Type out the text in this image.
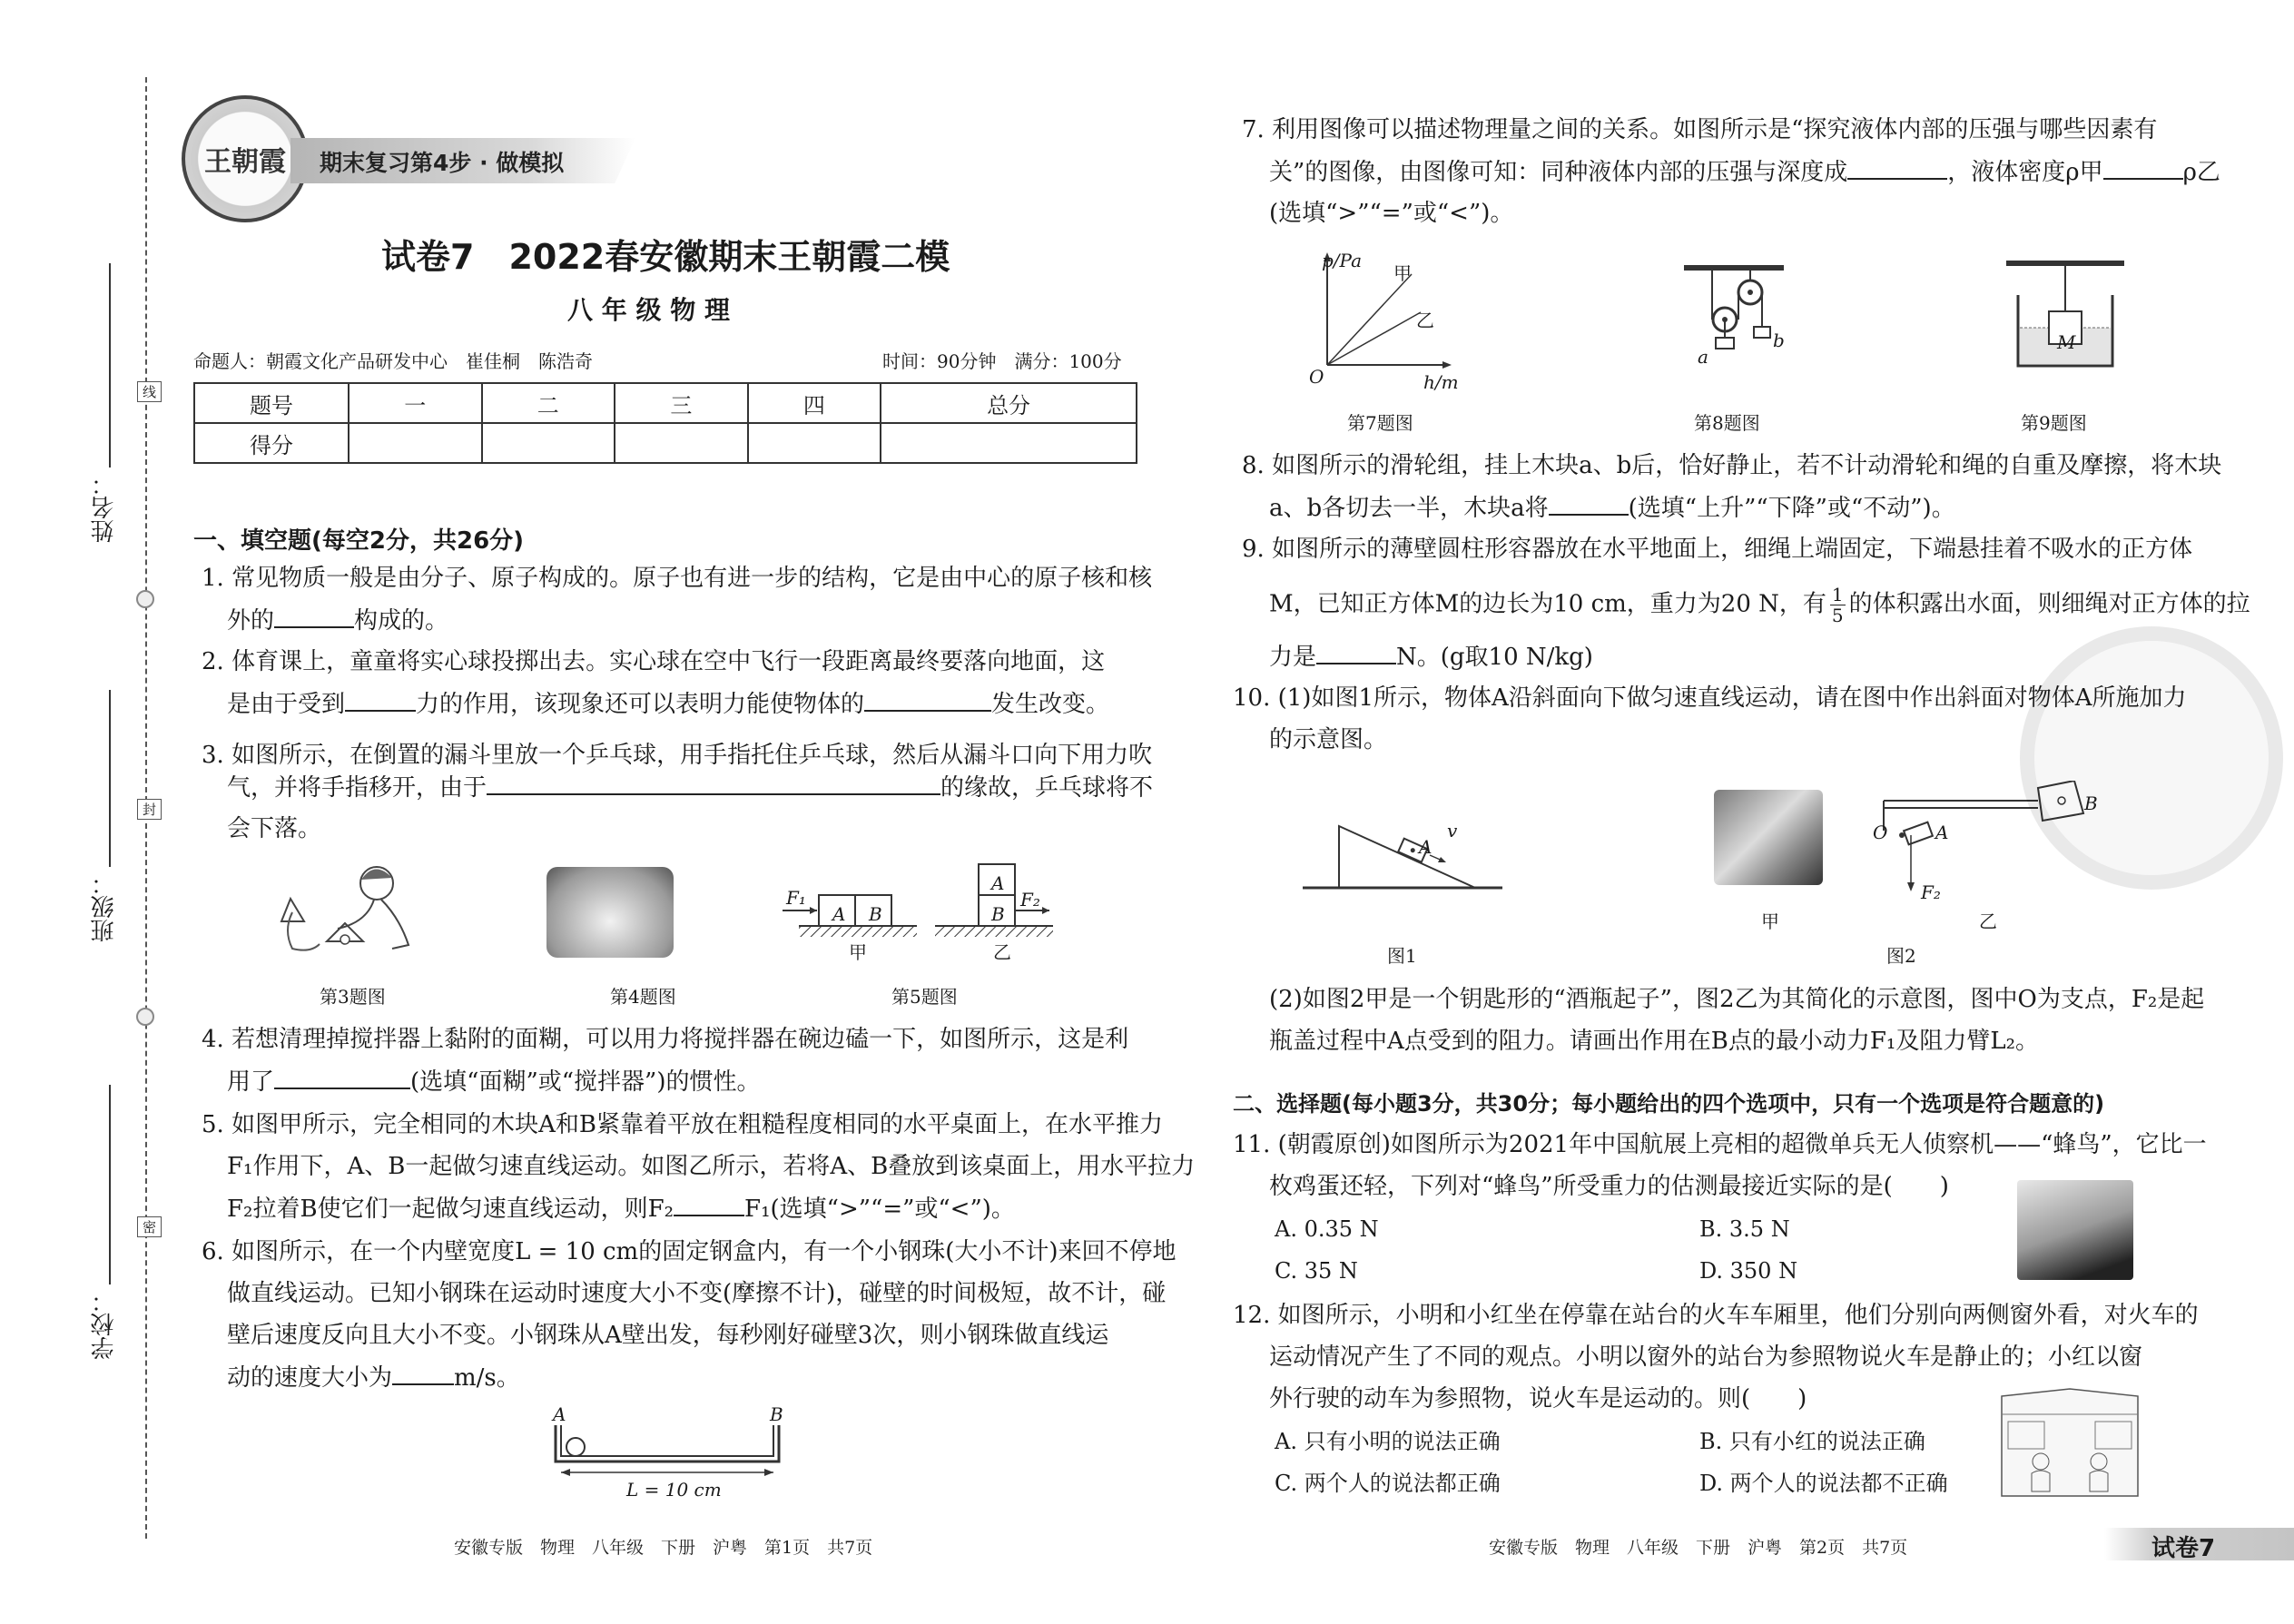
线
封
密
姓名：
班级：
学校：
王朝霞	期末复习第4步 · 做模拟
试卷7　2022春安徽期末王朝霞二模
八 年 级 物 理
命题人：朝霞文化产品研发中心　崔佳桐　陈浩奇	时间：90分钟　满分：100分
题号	一	二	三	四	总分
得分					
一、填空题(每空2分，共26分)
1. 常见物质一般是由分子、原子构成的。原子也有进一步的结构，它是由中心的原子核和核
外的	构成的。
2. 体育课上，童童将实心球投掷出去。实心球在空中飞行一段距离最终要落向地面，这
是由于受到	力的作用，该现象还可以表明力能使物体的	发生改变。
3. 如图所示，在倒置的漏斗里放一个乒乓球，用手指托住乒乓球，然后从漏斗口向下用力吹
气，并将手指移开，由于	的缘故，乒乓球将不
会下落。
F₁
A B
A
B
F₂
甲	乙
第3题图	第4题图	第5题图
4. 若想清理掉搅拌器上黏附的面糊，可以用力将搅拌器在碗边磕一下，如图所示，这是利
用了	(选填“面糊”或“搅拌器”)的惯性。
5. 如图甲所示，完全相同的木块A和B紧靠着平放在粗糙程度相同的水平桌面上，在水平推力
F₁作用下，A、B一起做匀速直线运动。如图乙所示，若将A、B叠放到该桌面上，用水平拉力
F₂拉着B使它们一起做匀速直线运动，则F₂	F₁(选填“>”“=”或“<”)。
6. 如图所示，在一个内壁宽度L = 10 cm的固定钢盒内，有一个小钢珠(大小不计)来回不停地
做直线运动。已知小钢珠在运动时速度大小不变(摩擦不计)，碰壁的时间极短，故不计，碰
壁后速度反向且大小不变。小钢珠从A壁出发，每秒刚好碰壁3次，则小钢珠做直线运
动的速度大小为	m/s。
A	B
L = 10 cm
安徽专版　物理　八年级　下册　沪粤　第1页　共7页
7. 利用图像可以描述物理量之间的关系。如图所示是“探究液体内部的压强与哪些因素有
关”的图像，由图像可知：同种液体内部的压强与深度成	，液体密度ρ甲	ρ乙
(选填“>”“=”或“<”)。
p/Pa
h/m
O
甲
乙
a
b	M
第7题图	第8题图	第9题图
8. 如图所示的滑轮组，挂上木块a、b后，恰好静止，若不计动滑轮和绳的自重及摩擦，将木块
a、b各切去一半，木块a将	(选填“上升”“下降”或“不动”)。
9. 如图所示的薄壁圆柱形容器放在水平地面上，细绳上端固定，下端悬挂着不吸水的正方体
M，已知正方体M的边长为10 cm，重力为20 N，有 $\frac{1}{5}$ 的体积露出水面，则细绳对正方体的拉
力是	N。(g取10 N/kg)
10. (1)如图1所示，物体A沿斜面向下做匀速直线运动，请在图中作出斜面对物体A所施加力
的示意图。
A
v	O	A
B
F₂
甲	乙
图1	图2
(2)如图2甲是一个钥匙形的“酒瓶起子”，图2乙为其简化的示意图，图中O为支点，F₂是起
瓶盖过程中A点受到的阻力。请画出作用在B点的最小动力F₁及阻力臂L₂。
二、选择题(每小题3分，共30分；每小题给出的四个选项中，只有一个选项是符合题意的)
11. (朝霞原创)如图所示为2021年中国航展上亮相的超微单兵无人侦察机——“蜂鸟”，它比一
枚鸡蛋还轻，下列对“蜂鸟”所受重力的估测最接近实际的是(　　)
A. 0.35 N	B. 3.5 N
C. 35 N	D. 350 N
12. 如图所示，小明和小红坐在停靠在站台的火车车厢里，他们分别向两侧窗外看，对火车的
运动情况产生了不同的观点。小明以窗外的站台为参照物说火车是静止的；小红以窗
外行驶的动车为参照物，说火车是运动的。则(　　)
A. 只有小明的说法正确	B. 只有小红的说法正确
C. 两个人的说法都正确	D. 两个人的说法都不正确
安徽专版　物理　八年级　下册　沪粤　第2页　共7页	试卷7
